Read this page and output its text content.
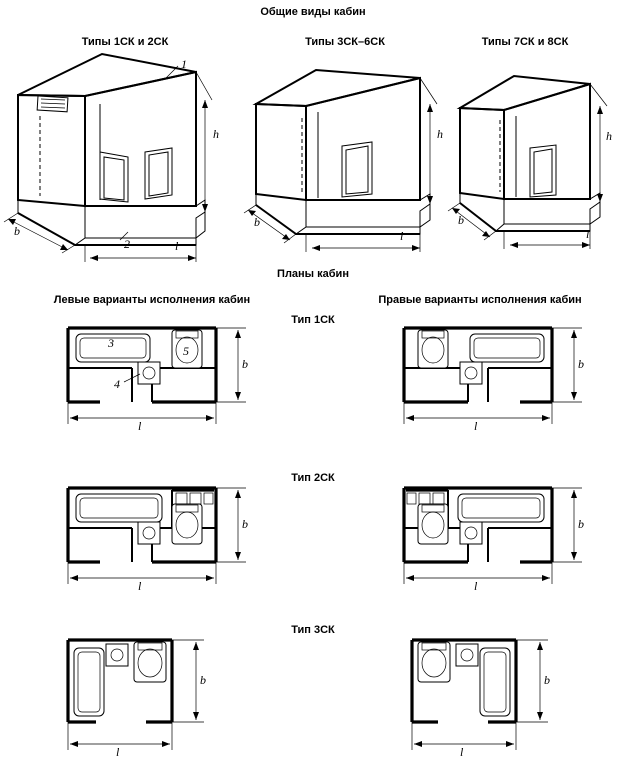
Общие виды кабин
Типы 1СК и 2СК	Типы 3СК–6СК	Типы 7СК и 8СК
1
2
h
l
b
h
l
b
h
l
b
Планы кабин
Левые варианты исполнения кабин	Правые варианты исполнения кабин
Тип 1СК
3
4
5
b
l
b
l
Тип 2СК
b
l
b
l
Тип 3СК
b
l
b
l
